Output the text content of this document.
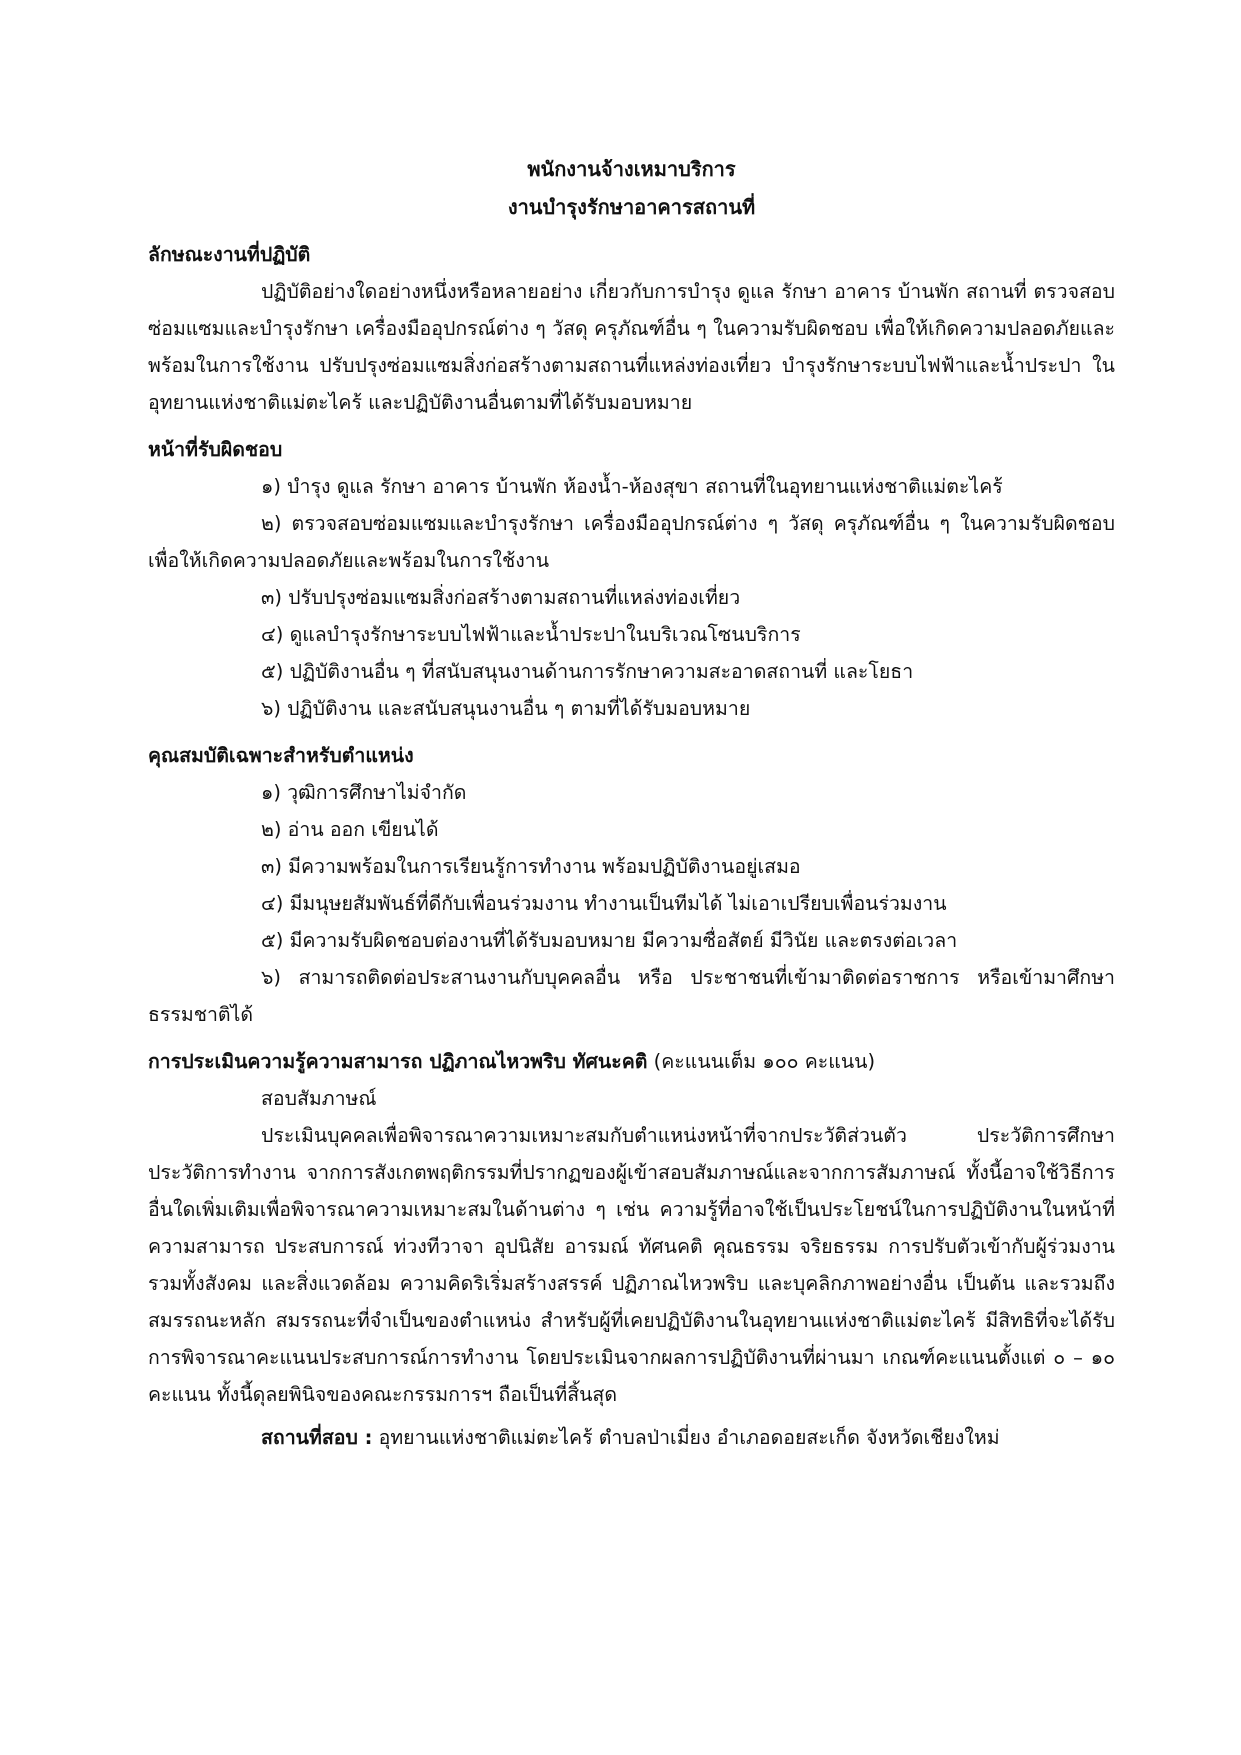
พนักงานจ้างเหมาบริการ
งานบำรุงรักษาอาคารสถานที่
ลักษณะงานที่ปฏิบัติ
ปฏิบัติอย่างใดอย่างหนึ่งหรือหลายอย่าง เกี่ยวกับการบำรุง ดูแล รักษา อาคาร บ้านพัก สถานที่ ตรวจสอบซ่อมแซมและบำรุงรักษา เครื่องมืออุปกรณ์ต่าง ๆ วัสดุ ครุภัณฑ์อื่น ๆ ในความรับผิดชอบ เพื่อให้เกิดความปลอดภัยและพร้อมในการใช้งาน ปรับปรุงซ่อมแซมสิ่งก่อสร้างตามสถานที่แหล่งท่องเที่ยว บำรุงรักษาระบบไฟฟ้าและน้ำประปา ในอุทยานแห่งชาติแม่ตะไคร้ และปฏิบัติงานอื่นตามที่ได้รับมอบหมาย
หน้าที่รับผิดชอบ
๑) บำรุง ดูแล รักษา อาคาร บ้านพัก ห้องน้ำ-ห้องสุขา สถานที่ในอุทยานแห่งชาติแม่ตะไคร้
๒) ตรวจสอบซ่อมแซมและบำรุงรักษา เครื่องมืออุปกรณ์ต่าง ๆ วัสดุ ครุภัณฑ์อื่น ๆ ในความรับผิดชอบ เพื่อให้เกิดความปลอดภัยและพร้อมในการใช้งาน
๓) ปรับปรุงซ่อมแซมสิ่งก่อสร้างตามสถานที่แหล่งท่องเที่ยว
๔) ดูแลบำรุงรักษาระบบไฟฟ้าและน้ำประปาในบริเวณโซนบริการ
๕) ปฏิบัติงานอื่น ๆ ที่สนับสนุนงานด้านการรักษาความสะอาดสถานที่ และโยธา
๖) ปฏิบัติงาน และสนับสนุนงานอื่น ๆ ตามที่ได้รับมอบหมาย
คุณสมบัติเฉพาะสำหรับตำแหน่ง
๑) วุฒิการศึกษาไม่จำกัด
๒) อ่าน ออก เขียนได้
๓) มีความพร้อมในการเรียนรู้การทำงาน พร้อมปฏิบัติงานอยู่เสมอ
๔) มีมนุษยสัมพันธ์ที่ดีกับเพื่อนร่วมงาน ทำงานเป็นทีมได้ ไม่เอาเปรียบเพื่อนร่วมงาน
๕) มีความรับผิดชอบต่องานที่ได้รับมอบหมาย มีความซื่อสัตย์ มีวินัย และตรงต่อเวลา
๖) สามารถติดต่อประสานงานกับบุคคลอื่น หรือ ประชาชนที่เข้ามาติดต่อราชการ หรือเข้ามาศึกษาธรรมชาติได้
การประเมินความรู้ความสามารถ ปฏิภาณไหวพริบ ทัศนะคติ (คะแนนเต็ม ๑๐๐ คะแนน)
สอบสัมภาษณ์
ประเมินบุคคลเพื่อพิจารณาความเหมาะสมกับตำแหน่งหน้าที่จากประวัติส่วนตัว ประวัติการศึกษา ประวัติการทำงาน จากการสังเกตพฤติกรรมที่ปรากฏของผู้เข้าสอบสัมภาษณ์และจากการสัมภาษณ์ ทั้งนี้อาจใช้วิธีการอื่นใดเพิ่มเติมเพื่อพิจารณาความเหมาะสมในด้านต่าง ๆ เช่น ความรู้ที่อาจใช้เป็นประโยชน์ในการปฏิบัติงานในหน้าที่ ความสามารถ ประสบการณ์ ท่วงทีวาจา อุปนิสัย อารมณ์ ทัศนคติ คุณธรรม จริยธรรม การปรับตัวเข้ากับผู้ร่วมงาน รวมทั้งสังคม และสิ่งแวดล้อม ความคิดริเริ่มสร้างสรรค์ ปฏิภาณไหวพริบ และบุคลิกภาพอย่างอื่น เป็นต้น และรวมถึงสมรรถนะหลัก สมรรถนะที่จำเป็นของตำแหน่ง สำหรับผู้ที่เคยปฏิบัติงานในอุทยานแห่งชาติแม่ตะไคร้ มีสิทธิที่จะได้รับการพิจารณาคะแนนประสบการณ์การทำงาน โดยประเมินจากผลการปฏิบัติงานที่ผ่านมา เกณฑ์คะแนนตั้งแต่ ๐ – ๑๐ คะแนน ทั้งนี้ดุลยพินิจของคณะกรรมการฯ ถือเป็นที่สิ้นสุด
สถานที่สอบ : อุทยานแห่งชาติแม่ตะไคร้ ตำบลป่าเมี่ยง อำเภอดอยสะเก็ด จังหวัดเชียงใหม่
